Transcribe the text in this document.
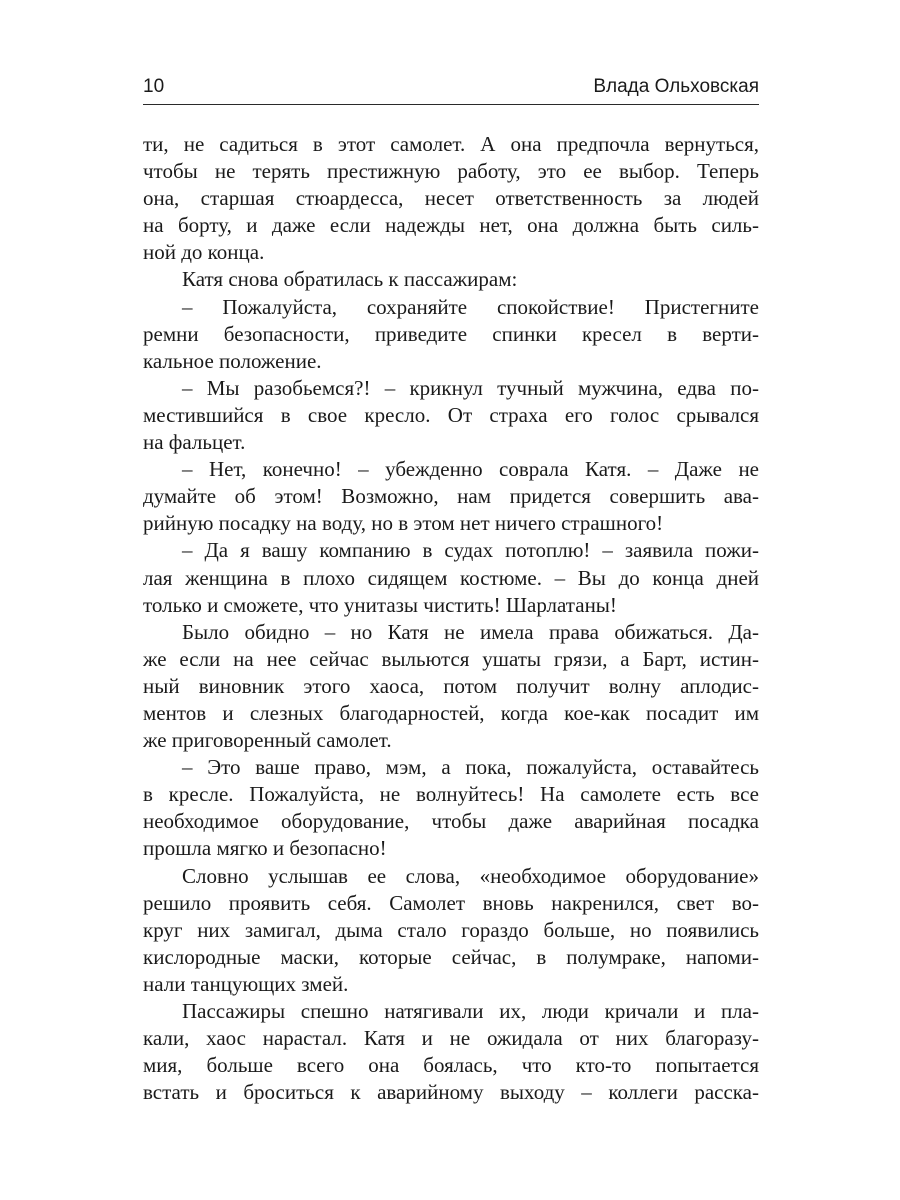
10	Влада Ольховская
ти, не садиться в этот самолет. А она предпочла вернуться,
чтобы не терять престижную работу, это ее выбор. Теперь
она, старшая стюардесса, несет ответственность за людей
на борту, и даже если надежды нет, она должна быть силь-
ной до конца.
Катя снова обратилась к пассажирам:
– Пожалуйста, сохраняйте спокойствие! Пристегните
ремни безопасности, приведите спинки кресел в верти-
кальное положение.
– Мы разобьемся?! – крикнул тучный мужчина, едва по-
местившийся в свое кресло. От страха его голос срывался
на фальцет.
– Нет, конечно! – убежденно соврала Катя. – Даже не
думайте об этом! Возможно, нам придется совершить ава-
рийную посадку на воду, но в этом нет ничего страшного!
– Да я вашу компанию в судах потоплю! – заявила пожи-
лая женщина в плохо сидящем костюме. – Вы до конца дней
только и сможете, что унитазы чистить! Шарлатаны!
Было обидно – но Катя не имела права обижаться. Да-
же если на нее сейчас выльются ушаты грязи, а Барт, истин-
ный виновник этого хаоса, потом получит волну аплодис-
ментов и слезных благодарностей, когда кое-как посадит им
же приговоренный самолет.
– Это ваше право, мэм, а пока, пожалуйста, оставайтесь
в кресле. Пожалуйста, не волнуйтесь! На самолете есть все
необходимое оборудование, чтобы даже аварийная посадка
прошла мягко и безопасно!
Словно услышав ее слова, «необходимое оборудование»
решило проявить себя. Самолет вновь накренился, свет во-
круг них замигал, дыма стало гораздо больше, но появились
кислородные маски, которые сейчас, в полумраке, напоми-
нали танцующих змей.
Пассажиры спешно натягивали их, люди кричали и пла-
кали, хаос нарастал. Катя и не ожидала от них благоразу-
мия, больше всего она боялась, что кто-то попытается
встать и броситься к аварийному выходу – коллеги расска-
